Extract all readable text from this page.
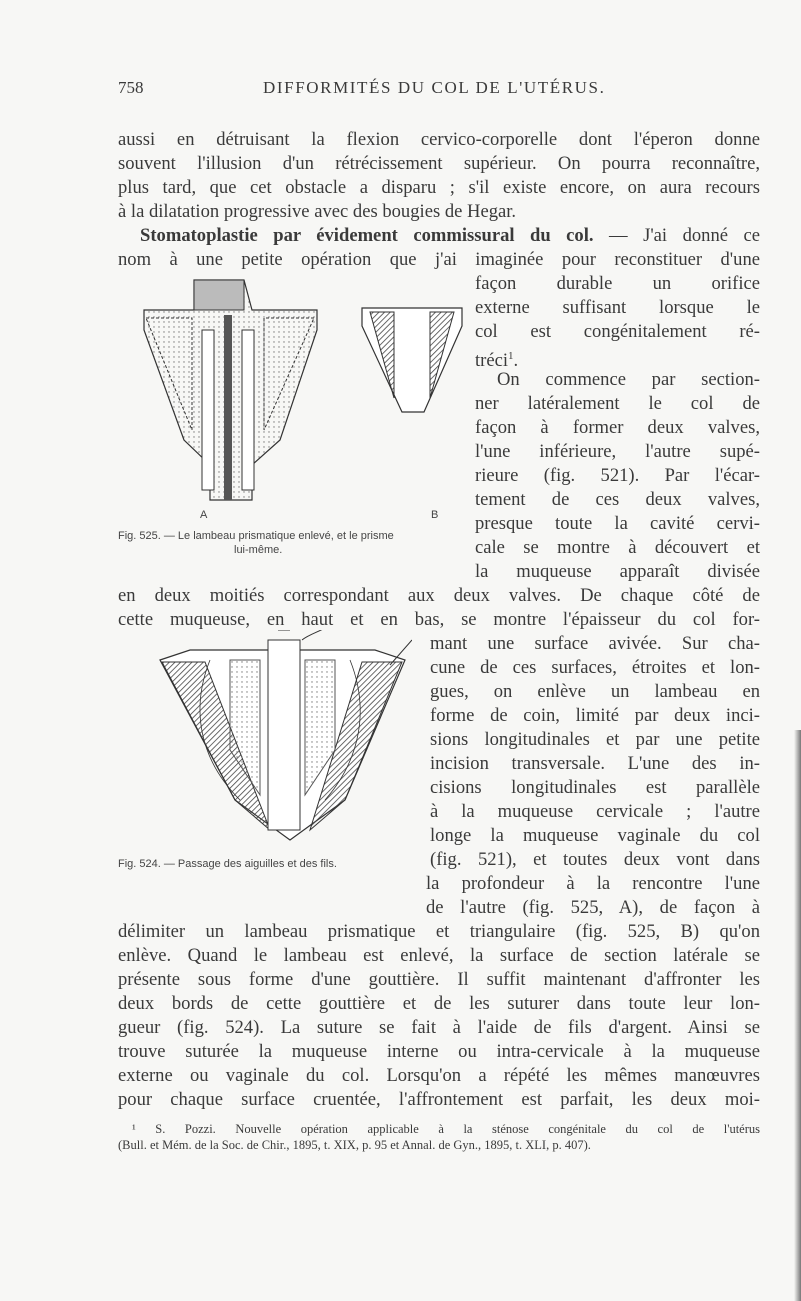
758	DIFFORMITÉS DU COL DE L'UTÉRUS.
aussi en détruisant la flexion cervico-corporelle dont l'éperon donne
souvent l'illusion d'un rétrécissement supérieur. On pourra reconnaître,
plus tard, que cet obstacle a disparu ; s'il existe encore, on aura recours
à la dilatation progressive avec des bougies de Hegar.
Stomatoplastie par évidement commissural du col. — J'ai donné ce
nom à une petite opération que j'ai imaginée pour reconstituer d'une
A	B
Fig. 525. — Le lambeau prismatique enlevé, et le prisme
lui-même.
façon durable un orifice
externe suffisant lorsque le
col est congénitalement ré-
tréci$^1$.
On commence par section-
ner latéralement le col de
façon à former deux valves,
l'une inférieure, l'autre supé-
rieure (fig. 521). Par l'écar-
tement de ces deux valves,
presque toute la cavité cervi-
cale se montre à découvert et
la muqueuse apparaît divisée
en deux moitiés correspondant aux deux valves. De chaque côté de
cette muqueuse, en haut et en bas, se montre l'épaisseur du col for-
Fig. 524. — Passage des aiguilles et des fils.
mant une surface avivée. Sur cha-
cune de ces surfaces, étroites et lon-
gues, on enlève un lambeau en
forme de coin, limité par deux inci-
sions longitudinales et par une petite
incision transversale. L'une des in-
cisions longitudinales est parallèle
à la muqueuse cervicale ; l'autre
longe la muqueuse vaginale du col
(fig. 521), et toutes deux vont dans
la profondeur à la rencontre l'une
de l'autre (fig. 525, A), de façon à
délimiter un lambeau prismatique et triangulaire (fig. 525, B) qu'on
enlève. Quand le lambeau est enlevé, la surface de section latérale se
présente sous forme d'une gouttière. Il suffit maintenant d'affronter les
deux bords de cette gouttière et de les suturer dans toute leur lon-
gueur (fig. 524). La suture se fait à l'aide de fils d'argent. Ainsi se
trouve suturée la muqueuse interne ou intra-cervicale à la muqueuse
externe ou vaginale du col. Lorsqu'on a répété les mêmes manœuvres
pour chaque surface cruentée, l'affrontement est parfait, les deux moi-
¹ S. Pozzi. Nouvelle opération applicable à la sténose congénitale du col de l'utérus
(Bull. et Mém. de la Soc. de Chir., 1895, t. XIX, p. 95 et Annal. de Gyn., 1895, t. XLI, p. 407).
